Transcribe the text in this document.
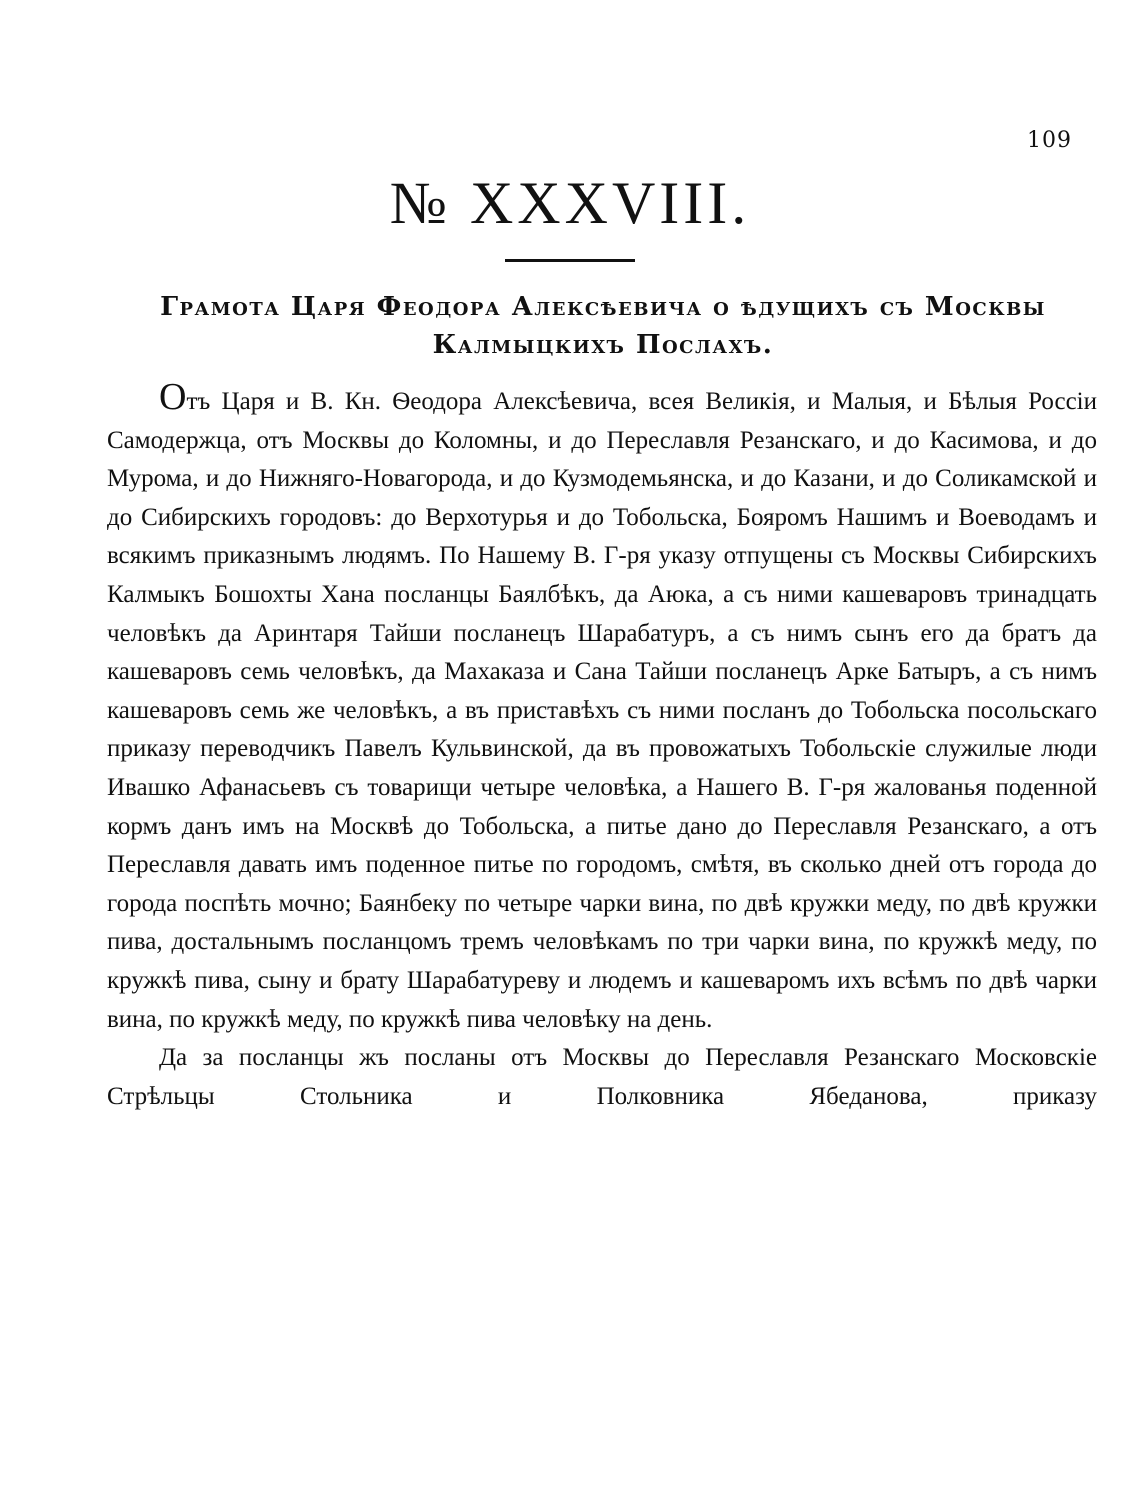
109
№ XXXVIII.
Грамота Царя Феодора Алексѣевича о ѣдущихъ съ Москвы Калмыцкихъ Послахъ.

Отъ Царя и В. Кн. Ѳеодора Алексѣевича, всея Великія, и Малыя, и Бѣлыя Россіи Самодержца, отъ Москвы до Коломны, и до Переславля Резанскаго, и до Касимова, и до Мурома, и до Нижняго-Новагорода, и до Кузмодемьянска, и до Казани, и до Соликамской и до Сибирскихъ городовъ: до Верхотурья и до Тобольска, Бояромъ Нашимъ и Воеводамъ и всякимъ приказнымъ людямъ. По Нашему В. Г-ря указу отпущены съ Москвы Сибирскихъ Калмыкъ Бошохты Хана посланцы Баялбѣкъ, да Аюка, а съ ними кашеваровъ тринадцать человѣкъ да Аринтаря Тайши посланецъ Шарабатуръ, а съ нимъ сынъ его да братъ да кашеваровъ семь человѣкъ, да Махаказа и Сана Тайши посланецъ Арке Батыръ, а съ нимъ кашеваровъ семь же человѣкъ, а въ приставѣхъ съ ними посланъ до Тобольска посольскаго приказу переводчикъ Павелъ Кульвинской, да въ провожатыхъ Тобольскіе служилые люди Ивашко Афанасьевъ съ товарищи четыре человѣка, а Нашего В. Г-ря жалованья поденной кормъ данъ имъ на Москвѣ до Тобольска, а питье дано до Переславля Резанскаго, а отъ Переславля давать имъ поденное питье по городомъ, смѣтя, въ сколько дней отъ города до города поспѣть мочно; Баянбеку по четыре чарки вина, по двѣ кружки меду, по двѣ кружки пива, достальнымъ посланцомъ тремъ человѣкамъ по три чарки вина, по кружкѣ меду, по кружкѣ пива, сыну и брату Шарабатуреву и людемъ и кашеваромъ ихъ всѣмъ по двѣ чарки вина, по кружкѣ меду, по кружкѣ пива человѣку на день.

Да за посланцы жъ посланы отъ Москвы до Переславля Резанскаго Московскіе Стрѣльцы Стольника и Полковника Ябеданова, приказу
